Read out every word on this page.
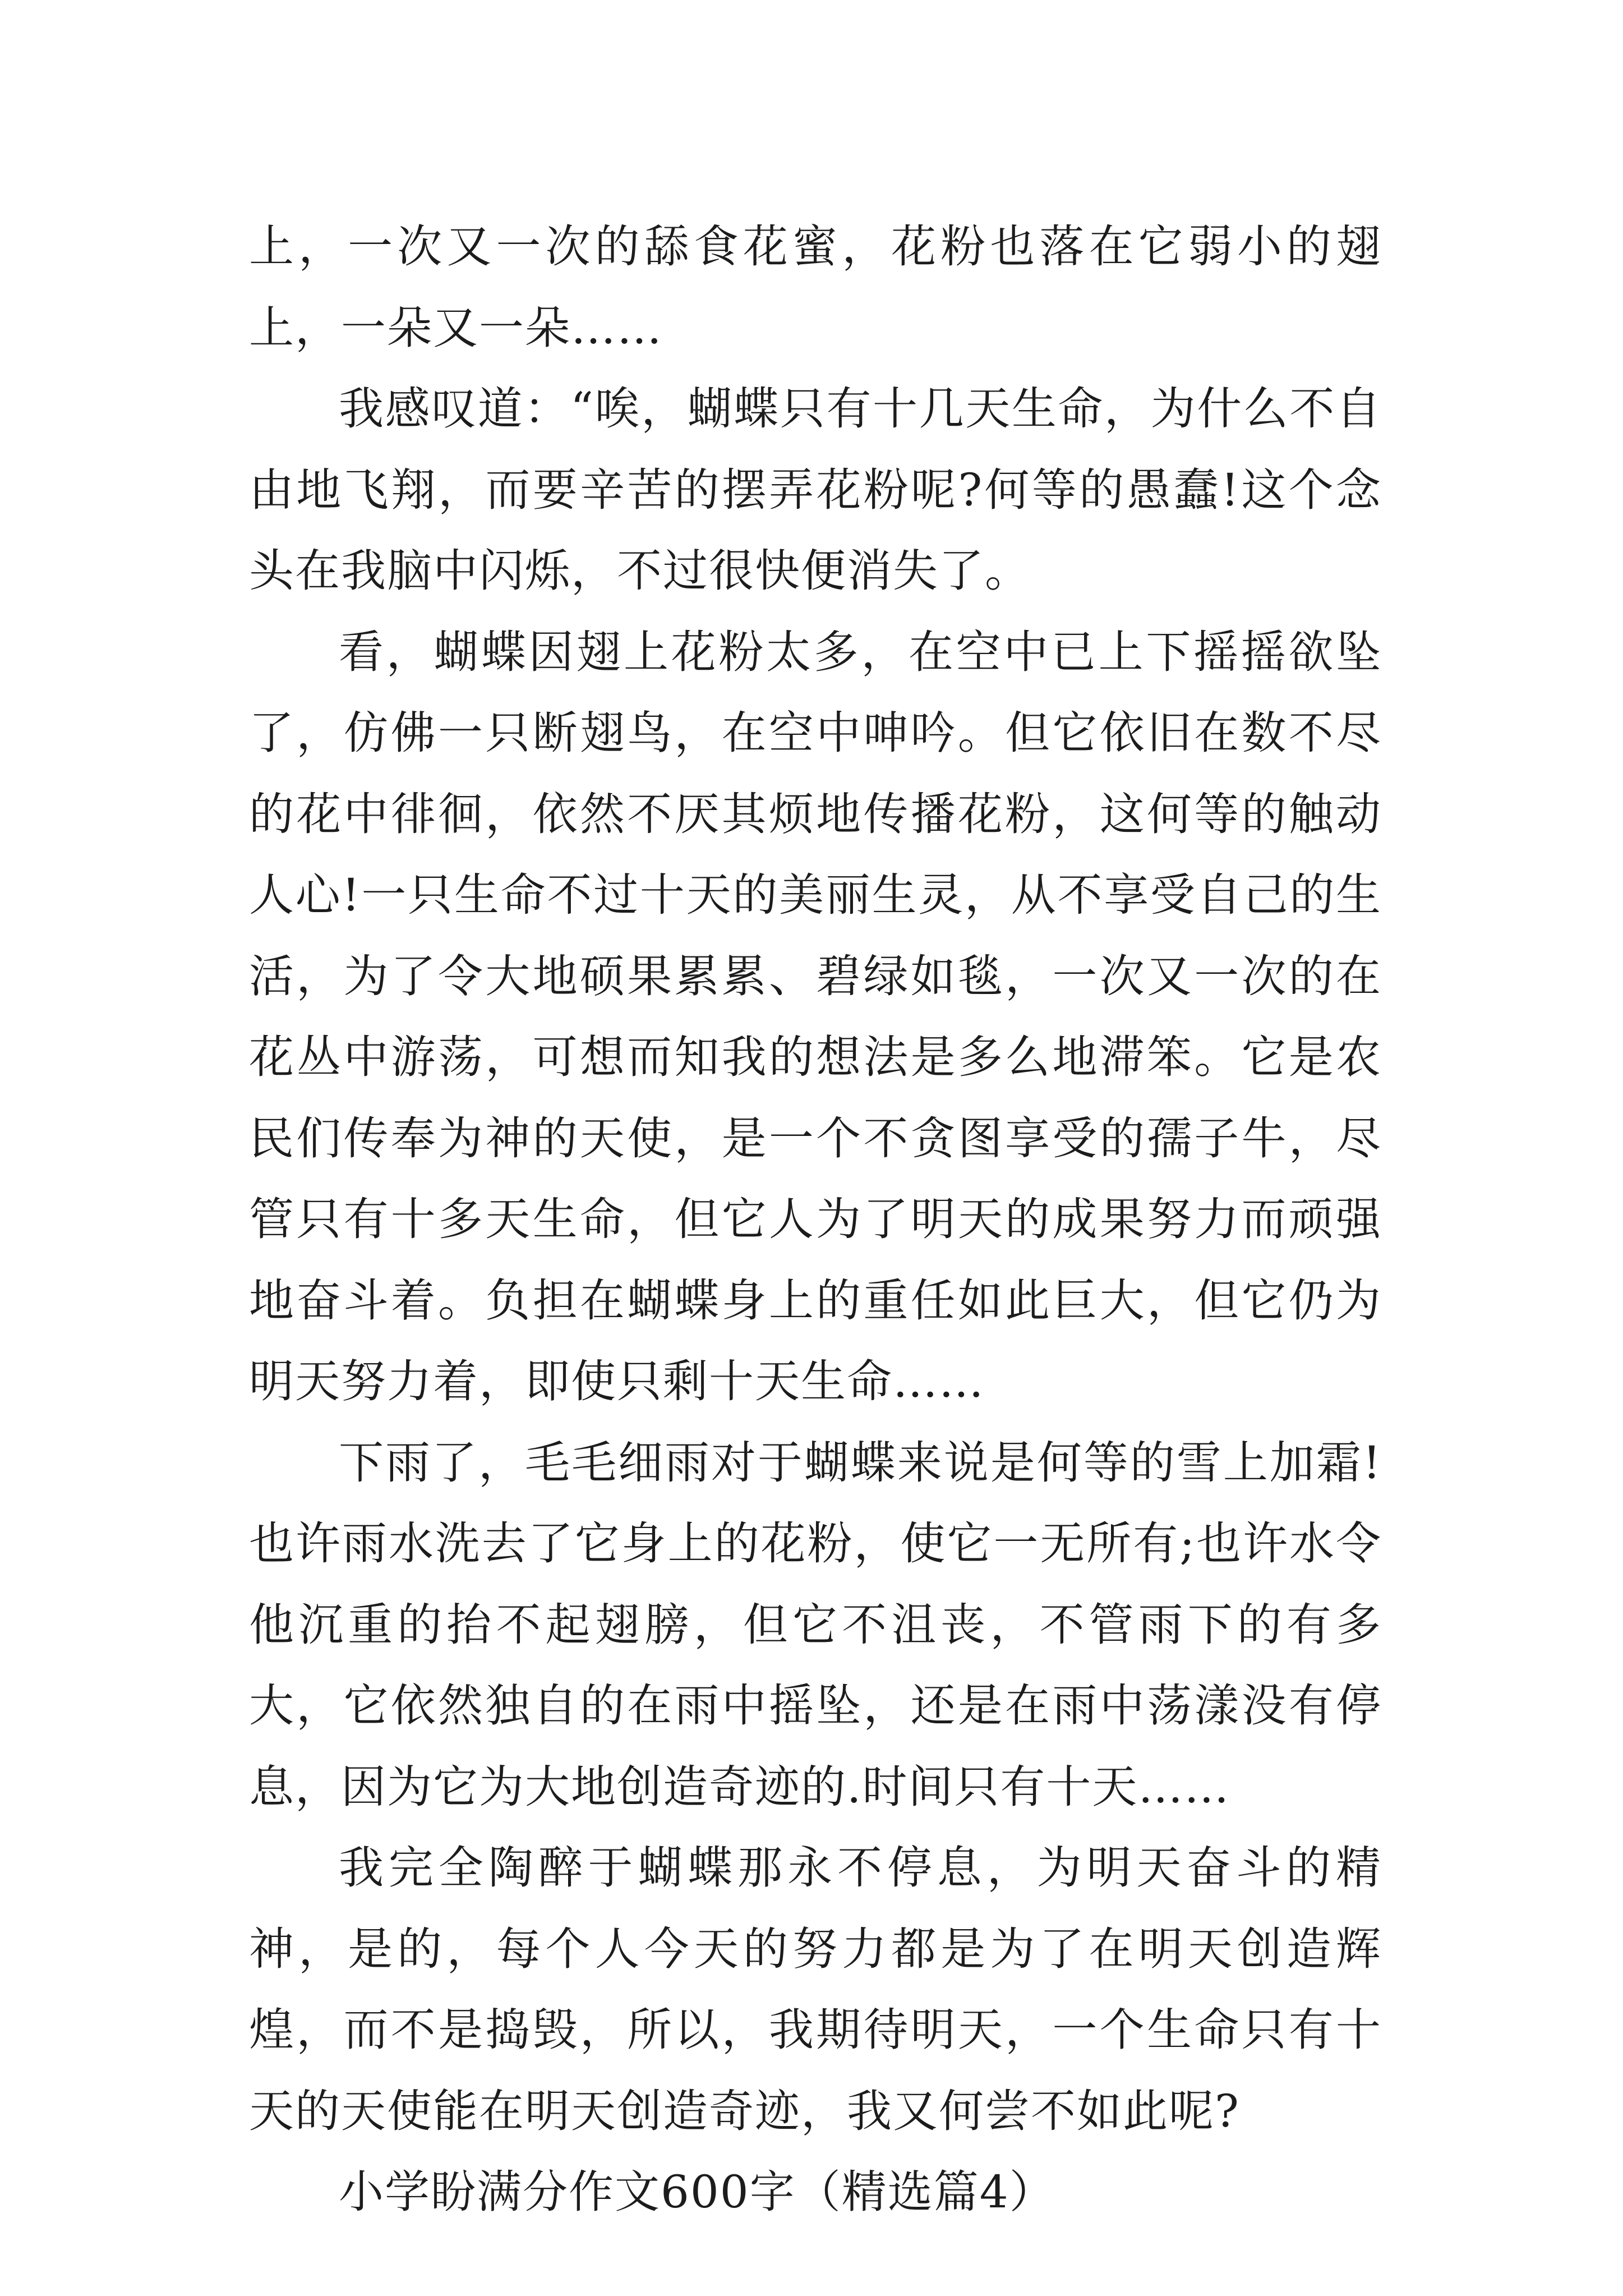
上，一次又一次的舔食花蜜，花粉也落在它弱小的翅上，一朵又一朵……

我感叹道：“唉，蝴蝶只有十几天生命，为什么不自由地飞翔，而要辛苦的摆弄花粉呢?何等的愚蠢!这个念头在我脑中闪烁，不过很快便消失了。

看，蝴蝶因翅上花粉太多，在空中已上下摇摇欲坠了，仿佛一只断翅鸟，在空中呻吟。但它依旧在数不尽的花中徘徊，依然不厌其烦地传播花粉，这何等的触动人心!一只生命不过十天的美丽生灵，从不享受自己的生活，为了令大地硕果累累、碧绿如毯，一次又一次的在花丛中游荡，可想而知我的想法是多么地滞笨。它是农民们传奉为神的天使，是一个不贪图享受的孺子牛，尽管只有十多天生命，但它人为了明天的成果努力而顽强地奋斗着。负担在蝴蝶身上的重任如此巨大，但它仍为明天努力着，即使只剩十天生命……

下雨了，毛毛细雨对于蝴蝶来说是何等的雪上加霜!也许雨水洗去了它身上的花粉，使它一无所有;也许水令他沉重的抬不起翅膀，但它不沮丧，不管雨下的有多大，它依然独自的在雨中摇坠，还是在雨中荡漾没有停息，因为它为大地创造奇迹的.时间只有十天……

我完全陶醉于蝴蝶那永不停息，为明天奋斗的精神，是的，每个人今天的努力都是为了在明天创造辉煌，而不是捣毁，所以，我期待明天，一个生命只有十天的天使能在明天创造奇迹，我又何尝不如此呢?

小学盼满分作文600字（精选篇4）
